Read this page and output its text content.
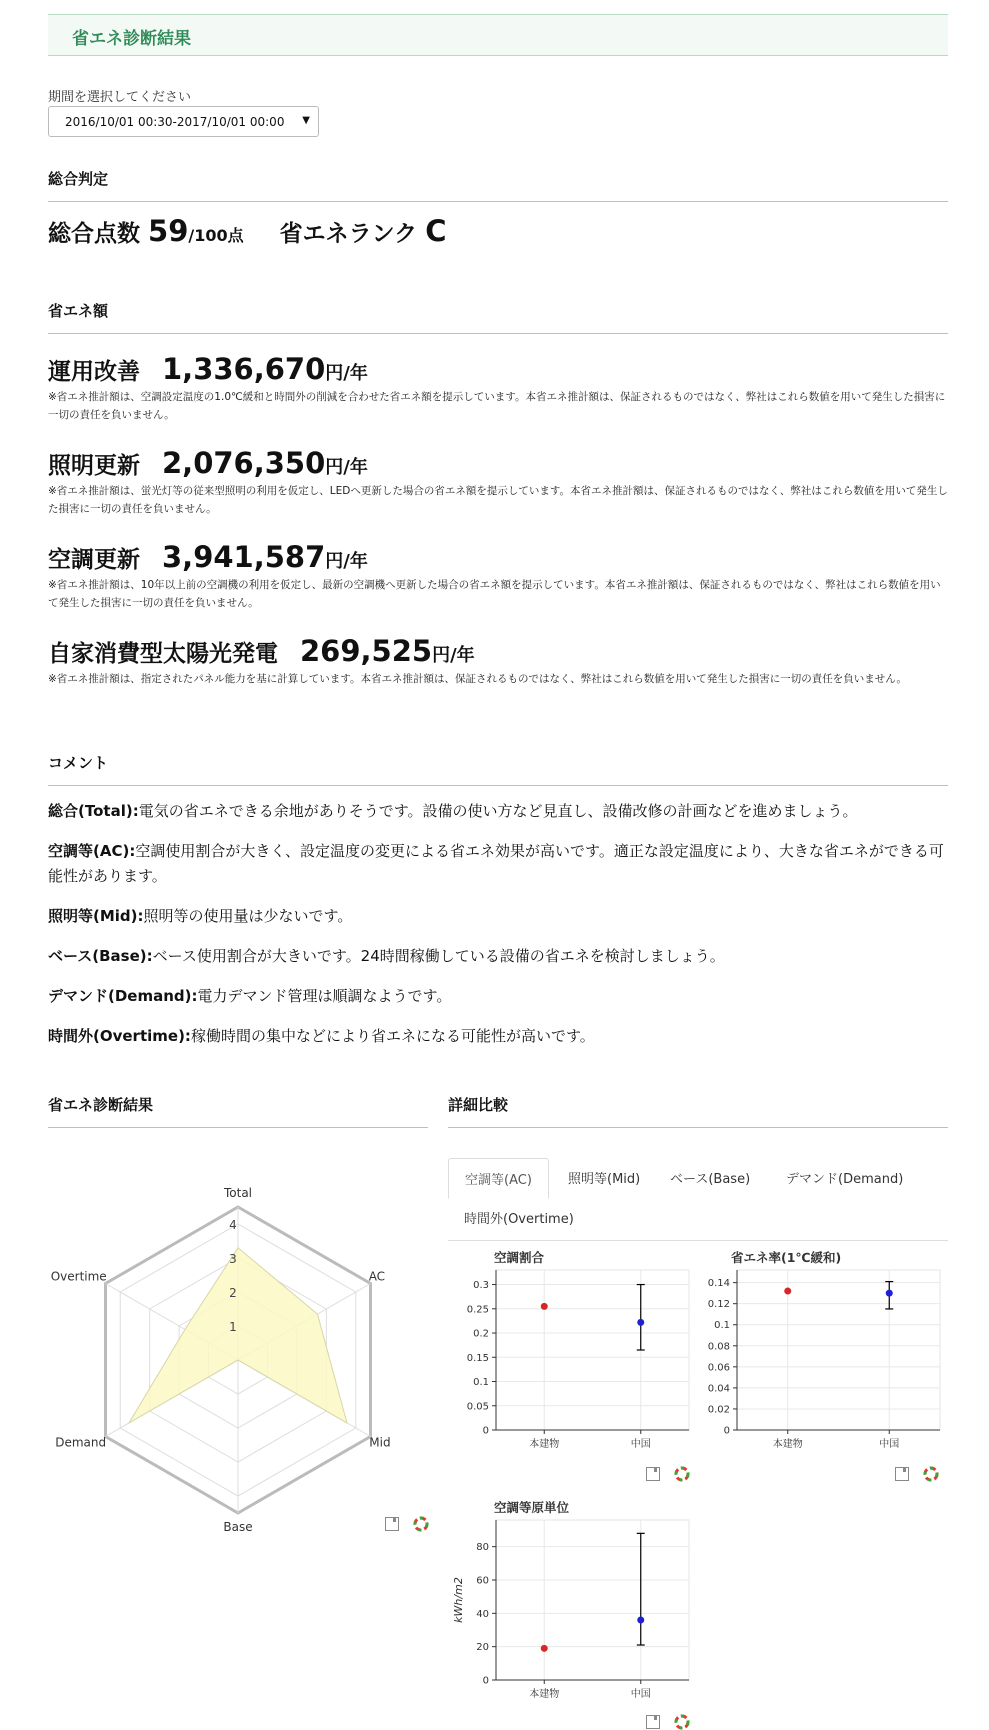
省エネ診断結果
期間を選択してください
2016/10/01 00:30-2017/10/01 00:00 ▼
総合判定
総合点数 59/100点 省エネランク C
省エネ額
運用改善 1,336,670円/年
※省エネ推計額は、空調設定温度の1.0℃緩和と時間外の削減を合わせた省エネ額を提示しています。本省エネ推計額は、保証されるものではなく、弊社はこれら数値を用いて発生した損害に一切の責任を負いません。
照明更新 2,076,350円/年
※省エネ推計額は、蛍光灯等の従来型照明の利用を仮定し、LEDへ更新した場合の省エネ額を提示しています。本省エネ推計額は、保証されるものではなく、弊社はこれら数値を用いて発生した損害に一切の責任を負いません。
空調更新 3,941,587円/年
※省エネ推計額は、10年以上前の空調機の利用を仮定し、最新の空調機へ更新した場合の省エネ額を提示しています。本省エネ推計額は、保証されるものではなく、弊社はこれら数値を用いて発生した損害に一切の責任を負いません。
自家消費型太陽光発電 269,525円/年
※省エネ推計額は、指定されたパネル能力を基に計算しています。本省エネ推計額は、保証されるものではなく、弊社はこれら数値を用いて発生した損害に一切の責任を負いません。
コメント
総合(Total):電気の省エネできる余地がありそうです。設備の使い方など見直し、設備改修の計画などを進めましょう。
空調等(AC):空調使用割合が大きく、設定温度の変更による省エネ効果が高いです。適正な設定温度により、大きな省エネができる可能性があります。
照明等(Mid):照明等の使用量は少ないです。
ベース(Base):ベース使用割合が大きいです。24時間稼働している設備の省エネを検討しましょう。
デマンド(Demand):電力デマンド管理は順調なようです。
時間外(Overtime):稼働時間の集中などにより省エネになる可能性が高いです。
省エネ診断結果	詳細比較
1
2
3
4
Total
AC
Mid
Base
Demand
Overtime
空調等(AC)	照明等(Mid)	ベース(Base)	デマンド(Demand)
時間外(Overtime)
空調割合
0
0.05
0.1
0.15
0.2
0.25
0.3
本建物	中国
省エネ率(1℃緩和)
0
0.02
0.04
0.06
0.08
0.1
0.12
0.14
本建物	中国
空調等原単位
0
20
40
60
80
本建物	中国
kWh/m2
